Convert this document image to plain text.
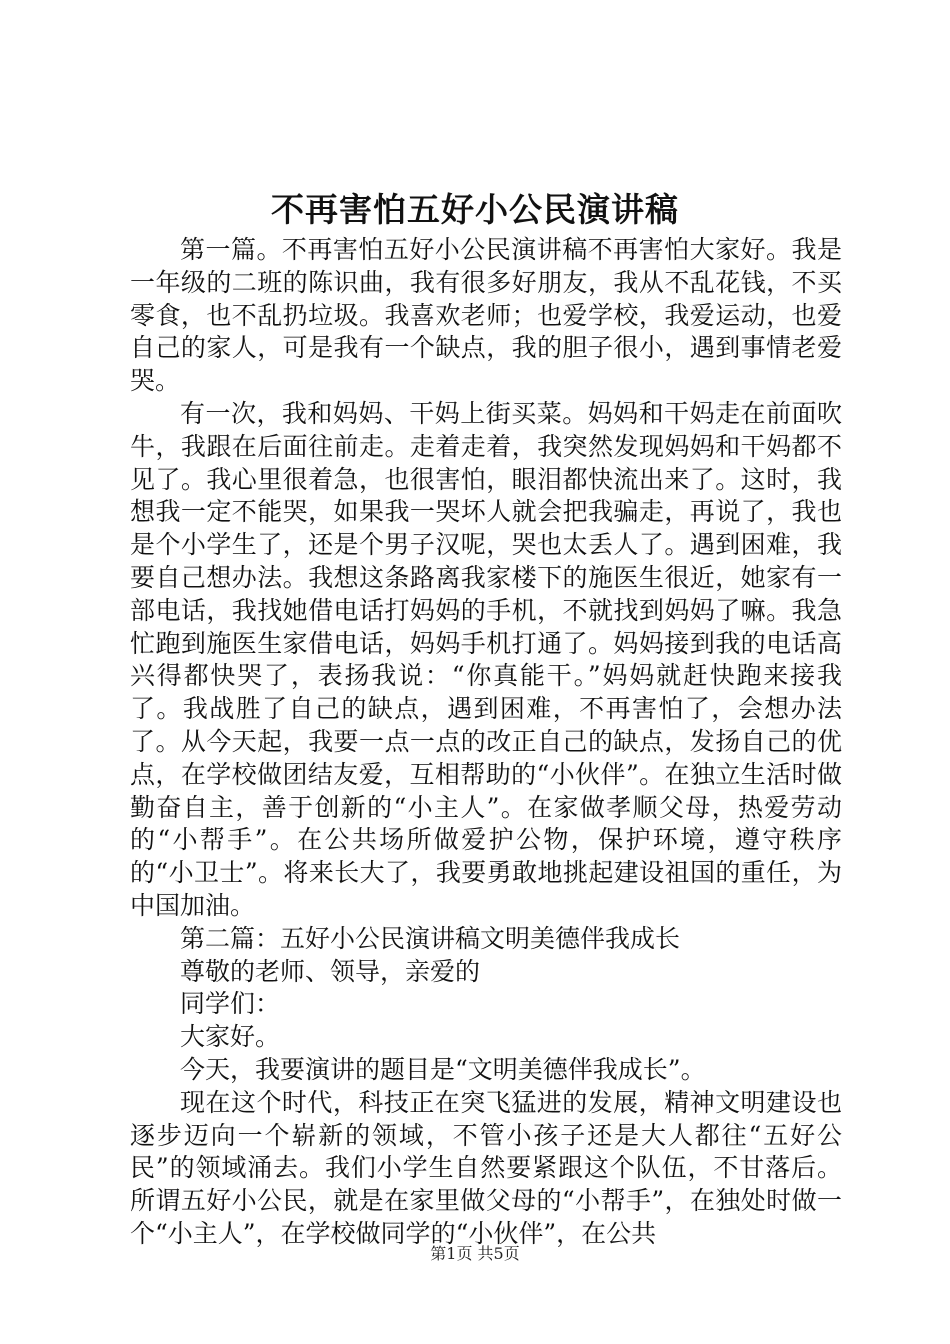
不再害怕五好小公民演讲稿

第一篇。不再害怕五好小公民演讲稿不再害怕大家好。我是一年级的二班的陈识曲，我有很多好朋友，我从不乱花钱，不买零食，也不乱扔垃圾。我喜欢老师；也爱学校，我爱运动，也爱自己的家人，可是我有一个缺点，我的胆子很小，遇到事情老爱哭。

有一次，我和妈妈、干妈上街买菜。妈妈和干妈走在前面吹牛，我跟在后面往前走。走着走着，我突然发现妈妈和干妈都不见了。我心里很着急，也很害怕，眼泪都快流出来了。这时，我想我一定不能哭，如果我一哭坏人就会把我骗走，再说了，我也是个小学生了，还是个男子汉呢，哭也太丢人了。遇到困难，我要自己想办法。我想这条路离我家楼下的施医生很近，她家有一部电话，我找她借电话打妈妈的手机，不就找到妈妈了嘛。我急忙跑到施医生家借电话，妈妈手机打通了。妈妈接到我的电话高兴得都快哭了，表扬我说：“你真能干。”妈妈就赶快跑来接我了。我战胜了自己的缺点，遇到困难，不再害怕了，会想办法了。从今天起，我要一点一点的改正自己的缺点，发扬自己的优点，在学校做团结友爱，互相帮助的“小伙伴”。在独立生活时做勤奋自主，善于创新的“小主人”。在家做孝顺父母，热爱劳动的“小帮手”。在公共场所做爱护公物，保护环境，遵守秩序的“小卫士”。将来长大了，我要勇敢地挑起建设祖国的重任，为中国加油。

第二篇：五好小公民演讲稿文明美德伴我成长

尊敬的老师、领导，亲爱的

同学们：

大家好。

今天，我要演讲的题目是“文明美德伴我成长”。

现在这个时代，科技正在突飞猛进的发展，精神文明建设也逐步迈向一个崭新的领域，不管小孩子还是大人都往“五好公民”的领域涌去。我们小学生自然要紧跟这个队伍，不甘落后。所谓五好小公民，就是在家里做父母的“小帮手”，在独处时做一个“小主人”，在学校做同学的“小伙伴”，在公共

第1页 共5页
